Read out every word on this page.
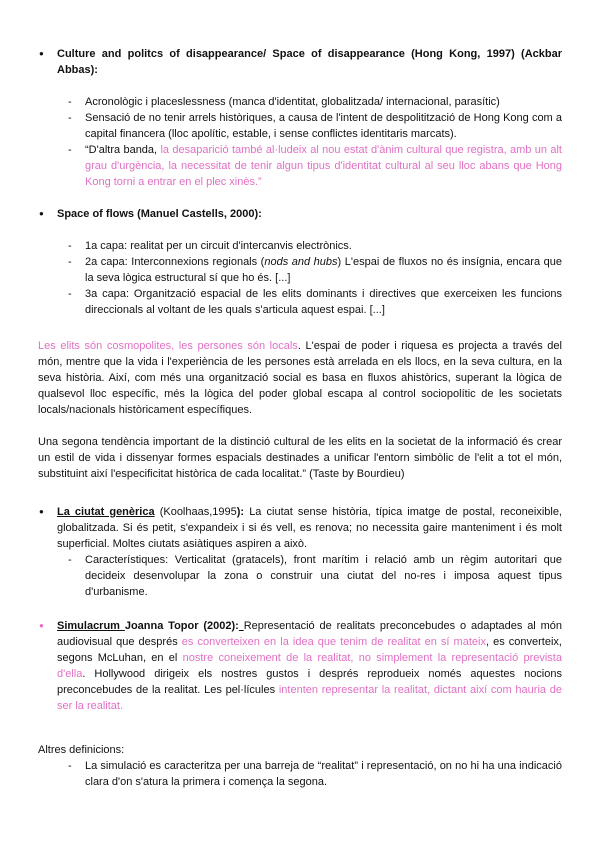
● Culture and politcs of disappearance/ Space of disappearance (Hong Kong, 1997) (Ackbar Abbas):
- Acronològic i placeslessness (manca d'identitat, globalitzada/ internacional, parasític)
- Sensació de no tenir arrels històriques, a causa de l'intent de despolitització de Hong Kong com a capital financera (lloc apolític, estable, i sense conflictes identitaris marcats).
- “D'altra banda, la desaparició també al·ludeix al nou estat d'ànim cultural que registra, amb un alt grau d'urgència, la necessitat de tenir algun tipus d'identitat cultural al seu lloc abans que Hong Kong torni a entrar en el plec xinès.”
● Space of flows (Manuel Castells, 2000):
- 1a capa: realitat per un circuit d'intercanvis electrònics.
- 2a capa: Interconnexions regionals (nods and hubs) L'espai de fluxos no és insígnia, encara que la seva lògica estructural sí que ho és. [...]
- 3a capa: Organització espacial de les elits dominants i directives que exerceixen les funcions direccionals al voltant de les quals s'articula aquest espai. [...]
Les elits són cosmopolites, les persones són locals. L'espai de poder i riquesa es projecta a través del món, mentre que la vida i l'experiència de les persones està arrelada en els llocs, en la seva cultura, en la seva història. Així, com més una organització social es basa en fluxos ahistòrics, superant la lògica de qualsevol lloc específic, més la lògica del poder global escapa al control sociopolític de les societats locals/nacionals històricament específiques.
Una segona tendència important de la distinció cultural de les elits en la societat de la informació és crear un estil de vida i dissenyar formes espacials destinades a unificar l'entorn simbòlic de l'elit a tot el món, substituint així l'especificitat històrica de cada localitat.” (Taste by Bourdieu)
● La ciutat genèrica (Koolhaas,1995): La ciutat sense història, típica imatge de postal, reconeixible, globalitzada. Si és petit, s'expandeix i si és vell, es renova; no necessita gaire manteniment i és molt superficial. Moltes ciutats asiàtiques aspiren a això.
- Característiques: Verticalitat (gratacels), front marítim i relació amb un règim autoritari que decideix desenvolupar la zona o construir una ciutat del no-res i imposa aquest tipus d'urbanisme.
● Simulacrum Joanna Topor (2002): Representació de realitats preconcebudes o adaptades al món audiovisual que després es converteixen en la idea que tenim de realitat en sí mateix, es converteix, segons McLuhan, en el nostre coneixement de la realitat, no simplement la representació prevista d'ella. Hollywood dirigeix els nostres gustos i després reprodueix només aquestes nocions preconcebudes de la realitat. Les pel·lícules intenten representar la realitat, dictant així com hauria de ser la realitat.
Altres definicions:
- La simulació es caracteritza per una barreja de “realitat” i representació, on no hi ha una indicació clara d'on s'atura la primera i comença la segona.
